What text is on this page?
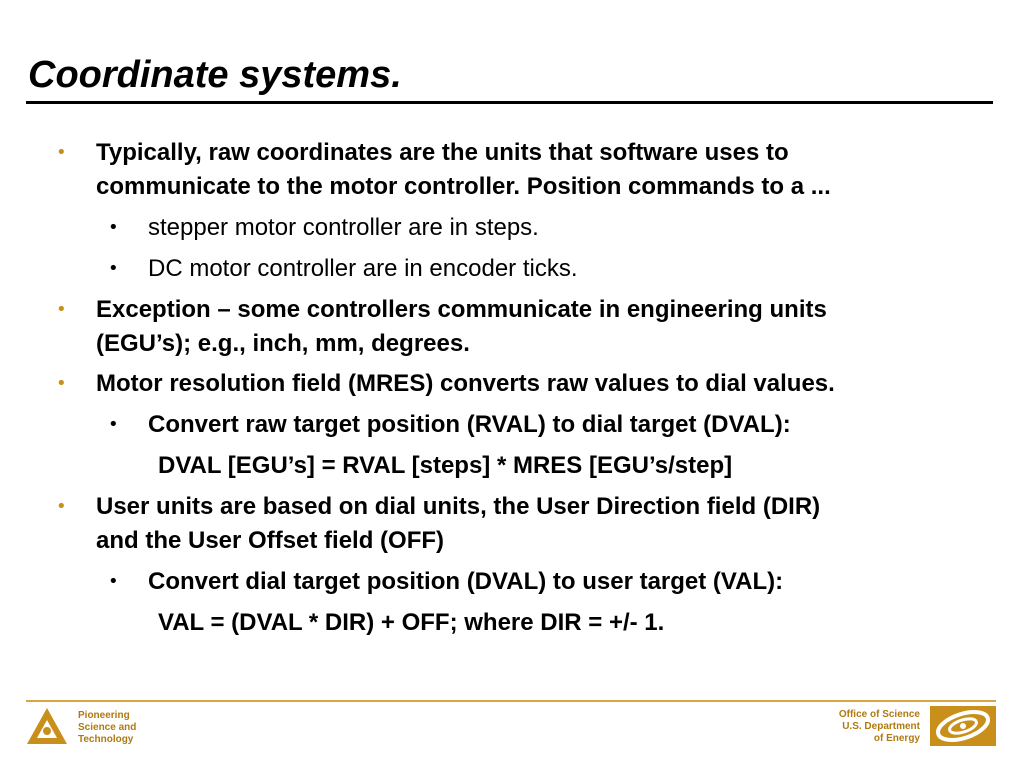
Coordinate systems.
Pioneering
Science and
Technology
Office of Science
U.S. Department
of Energy
• Typically, raw coordinates are the units that software uses to
communicate to the motor controller. Position commands to a ...
• stepper motor controller are in steps.
• DC motor controller are in encoder ticks.
• Exception – some controllers communicate in engineering units
(EGU’s); e.g., inch, mm, degrees.
• Motor resolution field (MRES) converts raw values to dial values.
• Convert raw target position (RVAL) to dial target (DVAL):
DVAL [EGU’s] = RVAL [steps] * MRES [EGU’s/step]
• User units are based on dial units, the User Direction field (DIR)
and the User Offset field (OFF)
• Convert dial target position (DVAL) to user target (VAL):
VAL = (DVAL * DIR) + OFF; where DIR = +/- 1.
